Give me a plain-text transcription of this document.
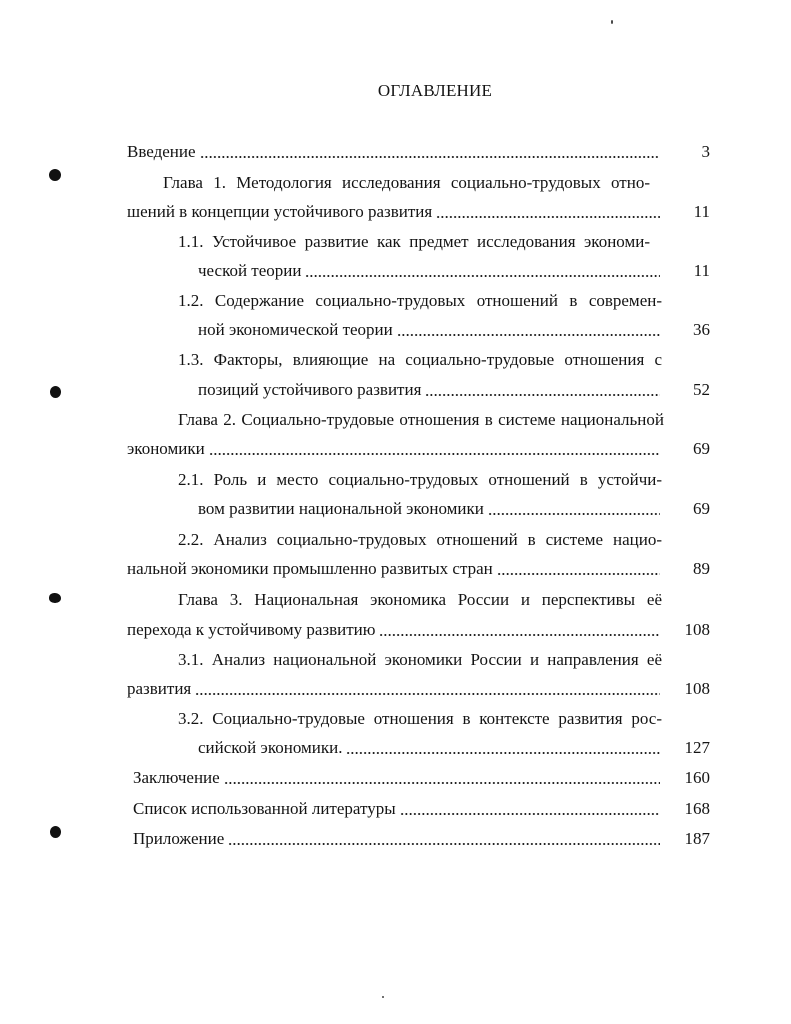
ОГЛАВЛЕНИЕ
Введение	3
Глава 1. Методология исследования социально-трудовых отно-
шений в концепции устойчивого развития	11
1.1. Устойчивое развитие как предмет исследования экономи-
ческой теории	11
1.2. Содержание социально-трудовых отношений в современ-
ной экономической теории	36
1.3. Факторы, влияющие на социально-трудовые отношения с
позиций устойчивого развития	52
Глава 2. Социально-трудовые отношения в системе национальной
экономики	69
2.1. Роль и место социально-трудовых отношений в устойчи-
вом развитии национальной экономики	69
2.2. Анализ социально-трудовых отношений в системе нацио-
нальной экономики промышленно развитых стран	89
Глава 3. Национальная экономика России и перспективы её
перехода к устойчивому развитию	108
3.1. Анализ национальной экономики России и направления её
развития	108
3.2. Социально-трудовые отношения в контексте развития рос-
сийской экономики.	127
Заключение	160
Список использованной литературы	168
Приложение	187
